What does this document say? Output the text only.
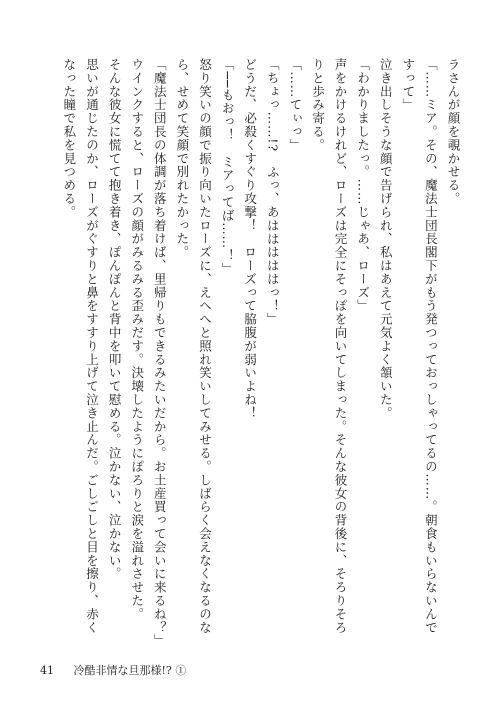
ラさんが顔を覗かせる。
「……ミア。その、魔法士団長閣下がもう発つっておっしゃってるの……。朝食もいらないんで
すって」
泣き出しそうな顔で告げられ、私はあえて元気よく頷いた。
「わかりましたっ。……じゃあ、ローズ」
声をかけるけれど、ローズは完全にそっぽを向いてしまった。そんな彼女の背後に、そろりそろ
りと歩み寄る。
「……てぃっ」
「ちょっ……!?　ふっ、あはははははっ！」
どうだ、必殺くすぐり攻撃！　ローズって脇腹が弱いよね！
「──もおっ！　ミアってば……！」
怒り笑いの顔で振り向いたローズに、えへへと照れ笑いしてみせる。しばらく会えなくなるのな
ら、せめて笑顔で別れたかった。
「魔法士団長の体調が落ち着けば、里帰りもできるみたいだから。お土産買って会いに来るね？」
ウインクすると、ローズの顔がみるみる歪みだす。決壊したようにぽろりと涙を溢れさせた。
そんな彼女に慌てて抱き着き、ぽんぽんと背中を叩いて慰める。泣かない、泣かない。
思いが通じたのか、ローズがぐすりと鼻をすすり上げて泣き止んだ。ごしごしと目を擦り、赤く
なった瞳で私を見つめる。
41 冷酷非情な旦那様!? ①
